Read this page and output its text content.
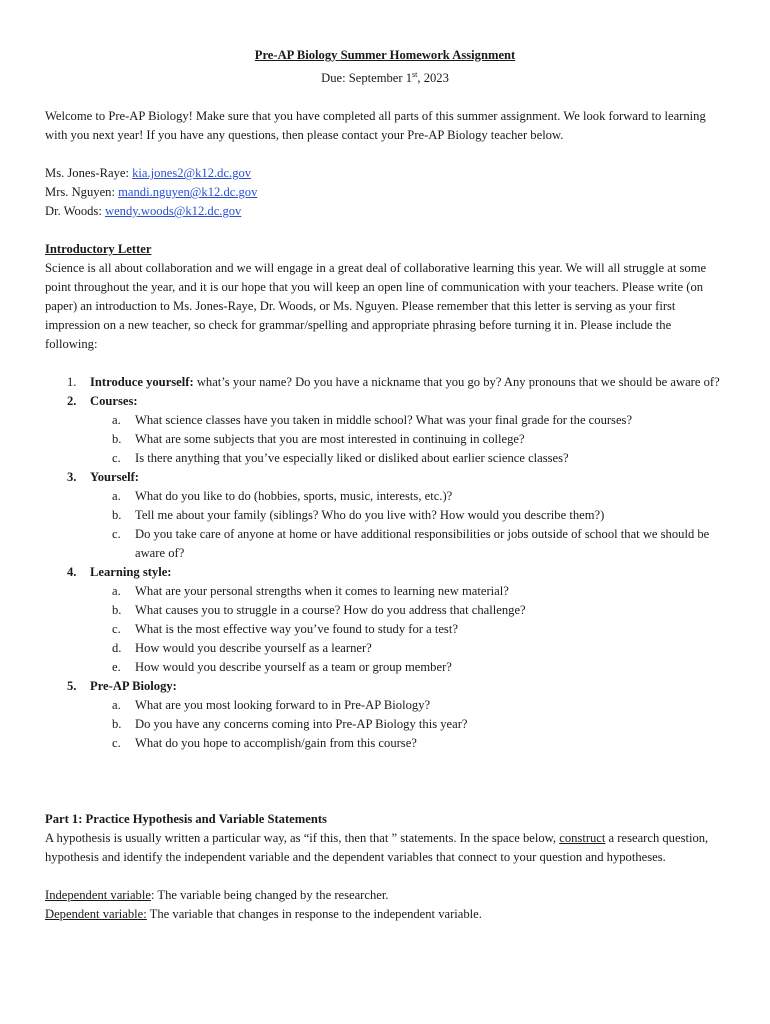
Pre-AP Biology Summer Homework Assignment

Due: September 1st, 2023

Welcome to Pre-AP Biology! Make sure that you have completed all parts of this summer assignment. We look forward to learning with you next year! If you have any questions, then please contact your Pre-AP Biology teacher below.

Ms. Jones-Raye: kia.jones2@k12.dc.gov

Mrs. Nguyen: mandi.nguyen@k12.dc.gov

Dr. Woods: wendy.woods@k12.dc.gov

Introductory Letter

Science is all about collaboration and we will engage in a great deal of collaborative learning this year. We will all struggle at some point throughout the year, and it is our hope that you will keep an open line of communication with your teachers. Please write (on paper) an introduction to Ms. Jones-Raye, Dr. Woods, or Ms. Nguyen. Please remember that this letter is serving as your first impression on a new teacher, so check for grammar/spelling and appropriate phrasing before turning it in. Please include the following:

1. Introduce yourself: what’s your name? Do you have a nickname that you go by? Any pronouns that we should be aware of?
2. Courses:
a. What science classes have you taken in middle school? What was your final grade for the courses?
b. What are some subjects that you are most interested in continuing in college?
c. Is there anything that you’ve especially liked or disliked about earlier science classes?
3. Yourself:
a. What do you like to do (hobbies, sports, music, interests, etc.)?
b. Tell me about your family (siblings? Who do you live with? How would you describe them?)
c. Do you take care of anyone at home or have additional responsibilities or jobs outside of school that we should be aware of?
4. Learning style:
a. What are your personal strengths when it comes to learning new material?
b. What causes you to struggle in a course? How do you address that challenge?
c. What is the most effective way you’ve found to study for a test?
d. How would you describe yourself as a learner?
e. How would you describe yourself as a team or group member?
5. Pre-AP Biology:
a. What are you most looking forward to in Pre-AP Biology?
b. Do you have any concerns coming into Pre-AP Biology this year?
c. What do you hope to accomplish/gain from this course?

Part 1: Practice Hypothesis and Variable Statements

A hypothesis is usually written a particular way, as “if this, then that ” statements. In the space below, construct a research question, hypothesis and identify the independent variable and the dependent variables that connect to your question and hypotheses.

Independent variable: The variable being changed by the researcher.

Dependent variable: The variable that changes in response to the independent variable.
